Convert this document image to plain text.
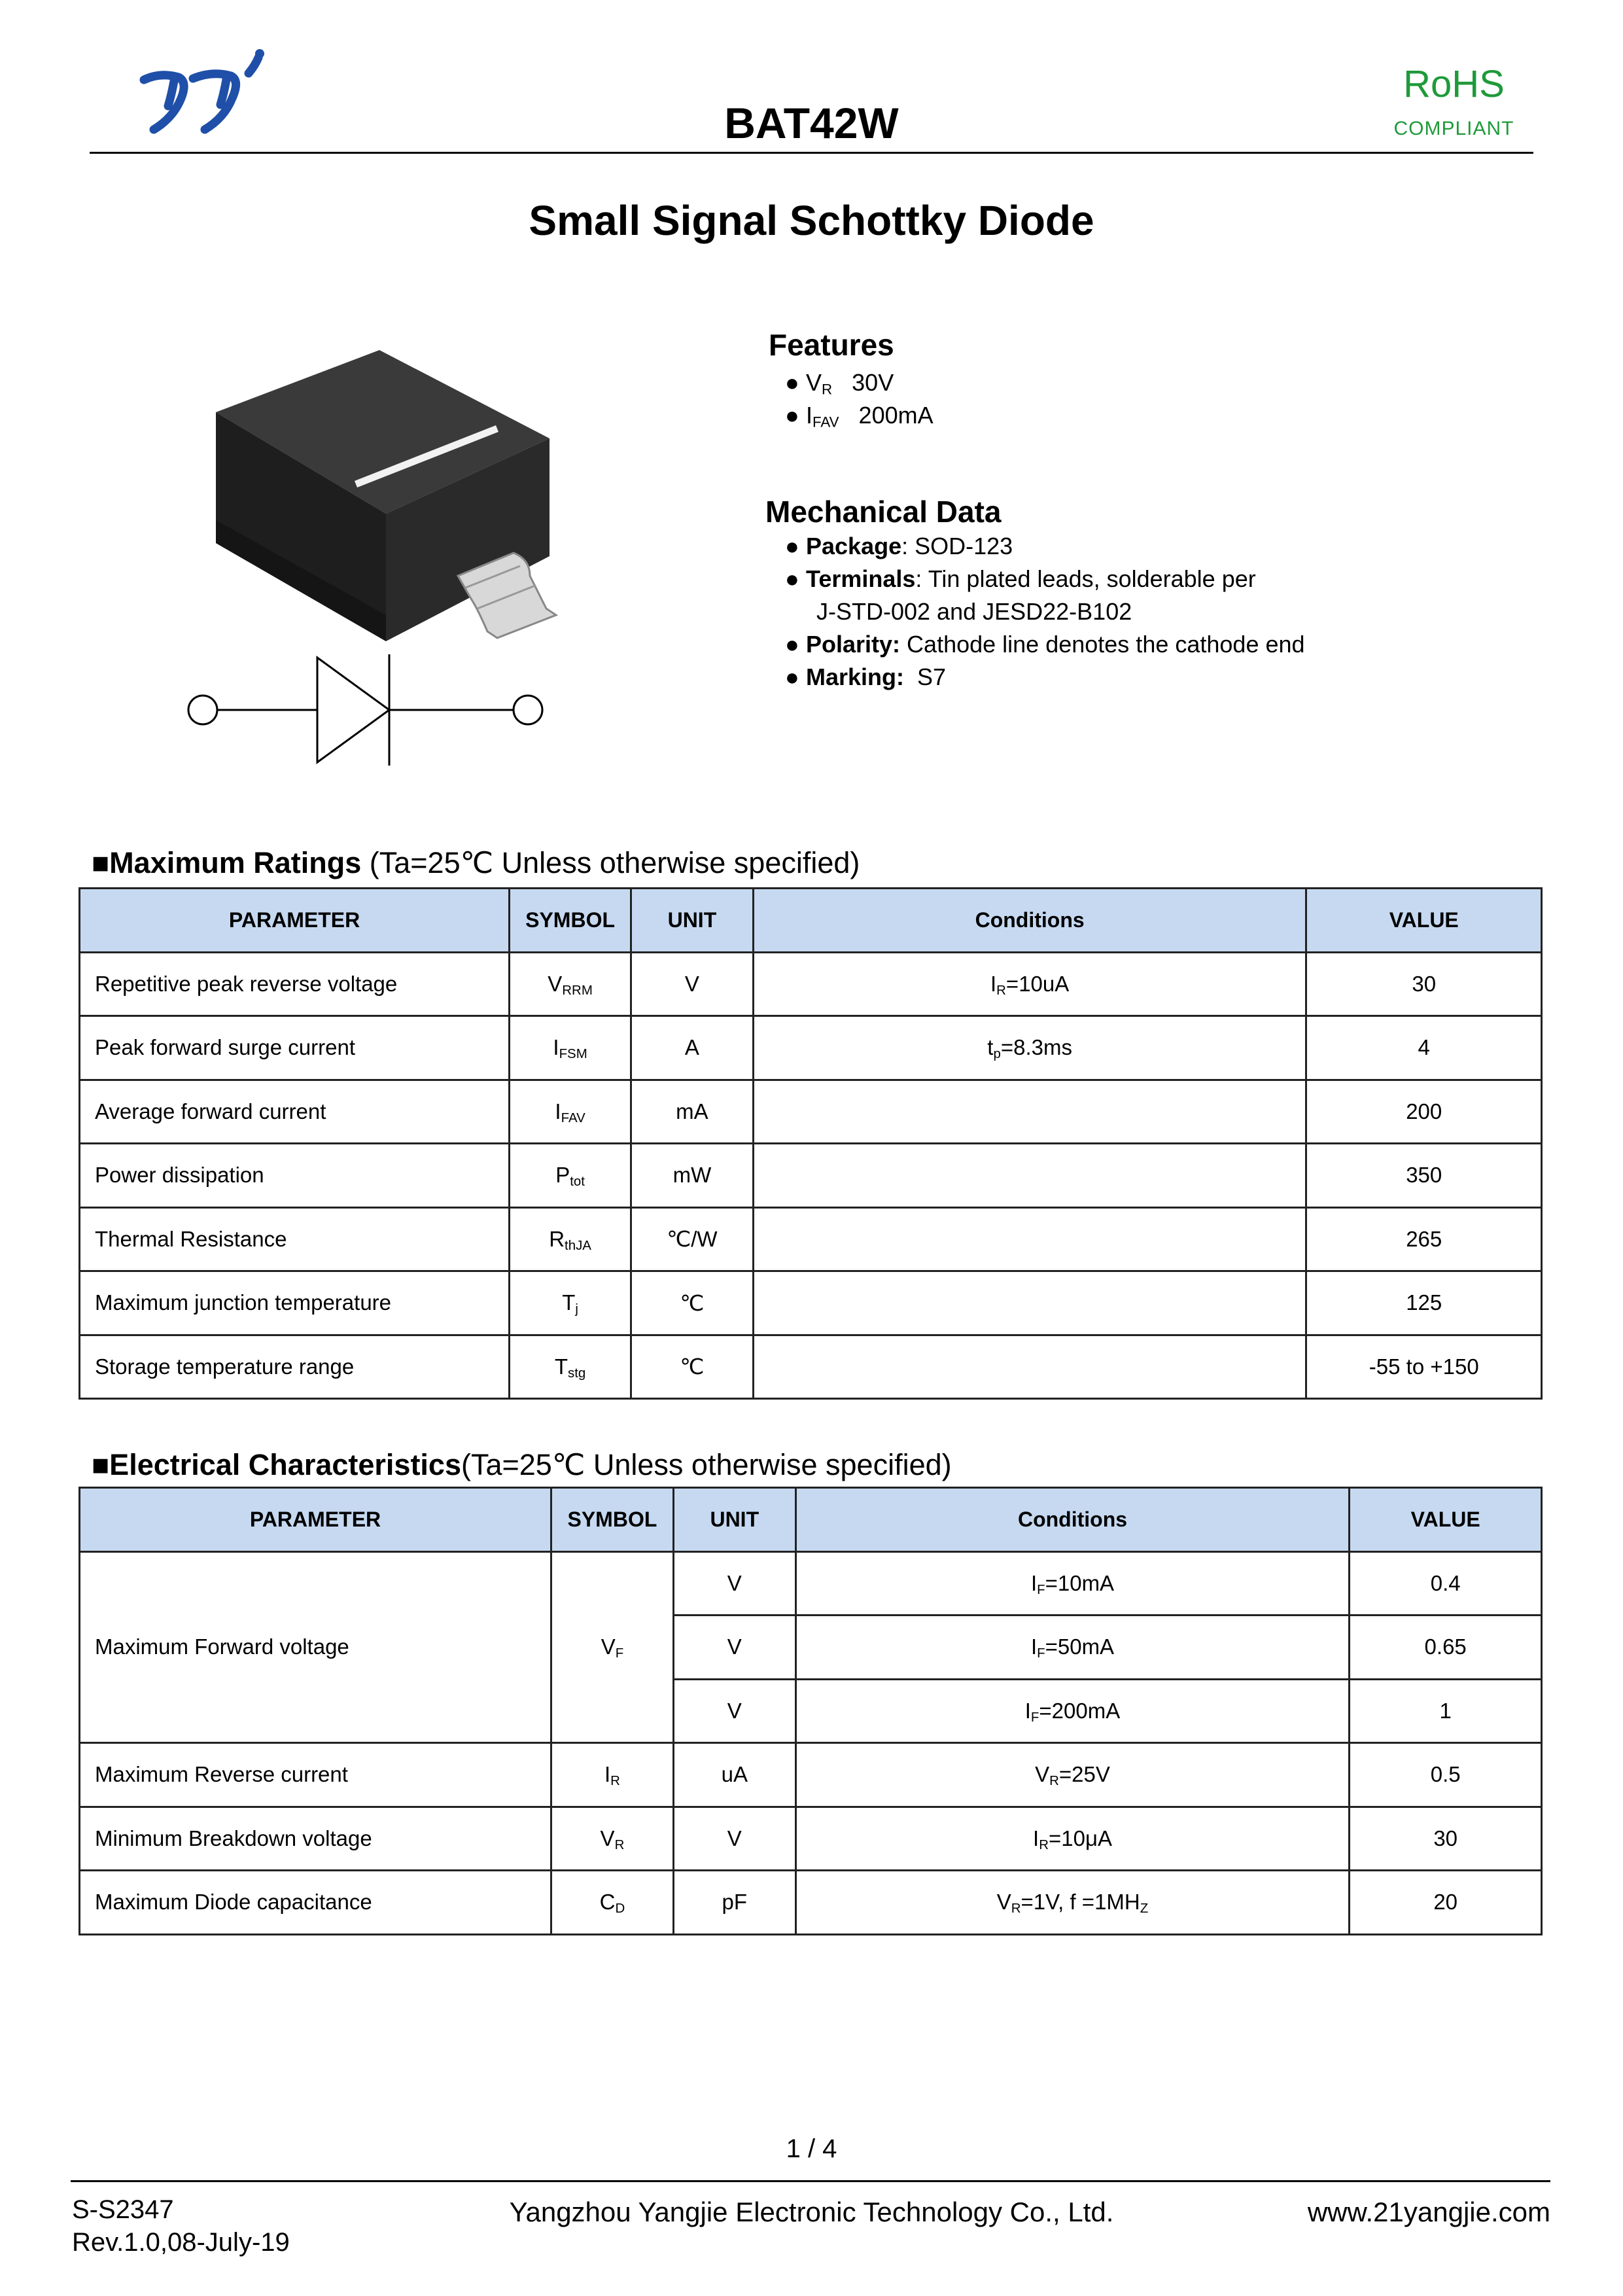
BAT42W
RoHS
COMPLIANT
Small Signal Schottky Diode
Features
● $V_R$ 30V
● $I_{FAV}$ 200mA
Mechanical Data
● Package: SOD-123
● Terminals: Tin plated leads, solderable per
J-STD-002 and JESD22-B102
● Polarity: Cathode line denotes the cathode end
● Marking: S7
■Maximum Ratings (Ta=25℃ Unless otherwise specified)
PARAMETER	SYMBOL	UNIT	Conditions	VALUE
Repetitive peak reverse voltage	$V_{RRM}$	V	$I_R=10uA$	30
Peak forward surge current	$I_{FSM}$	A	$t_p=8.3ms$	4
Average forward current	$I_{FAV}$	mA		200
Power dissipation	$P_{tot}$	mW		350
Thermal Resistance	$R_{thJA}$	℃/W		265
Maximum junction temperature	$T_j$	℃		125
Storage temperature range	$T_{stg}$	℃		-55 to +150
■Electrical Characteristics(Ta=25℃ Unless otherwise specified)
PARAMETER	SYMBOL	UNIT	Conditions	VALUE
Maximum Forward voltage	$V_F$	V	$I_F=10mA$	0.4
		V	$I_F=50mA$	0.65
		V	$I_F=200mA$	1
Maximum Reverse current	$I_R$	uA	$V_R=25V$	0.5
Minimum Breakdown voltage	$V_R$	V	$I_R=10\mu A$	30
Maximum Diode capacitance	$C_D$	pF	$V_R=1V$, $f =1MH_Z$	20
1 / 4
S-S2347
Rev.1.0,08-July-19
Yangzhou Yangjie Electronic Technology Co., Ltd.	www.21yangjie.com
